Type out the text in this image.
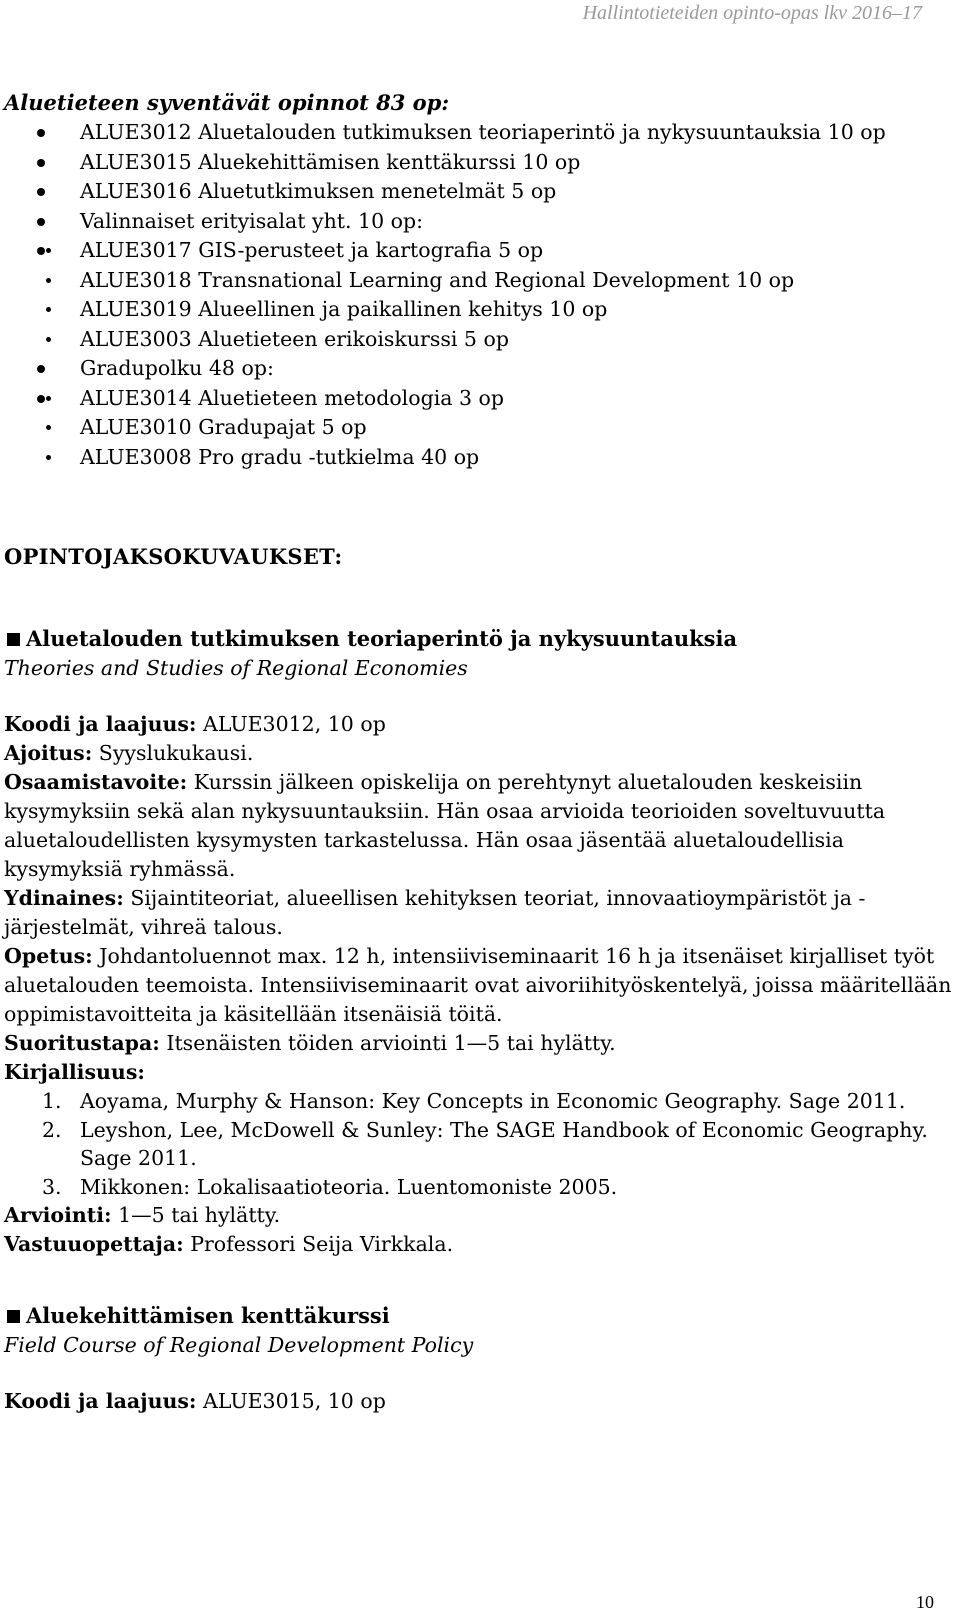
Hallintotieteiden opinto-opas lkv 2016–17
Aluetieteen syventävät opinnot 83 op:
ALUE3012 Aluetalouden tutkimuksen teoriaperintö ja nykysuuntauksia 10 op
ALUE3015 Aluekehittämisen kenttäkurssi 10 op
ALUE3016 Aluetutkimuksen menetelmät 5 op
Valinnaiset erityisalat yht. 10 op:
ALUE3017 GIS-perusteet ja kartografia 5 op
ALUE3018 Transnational Learning and Regional Development 10 op
ALUE3019 Alueellinen ja paikallinen kehitys 10 op
ALUE3003 Aluetieteen erikoiskurssi 5 op
Gradupolku 48 op:
ALUE3014 Aluetieteen metodologia 3 op
ALUE3010 Gradupajat 5 op
ALUE3008 Pro gradu -tutkielma 40 op
OPINTOJAKSOKUVAUKSET:
Aluetalouden tutkimuksen teoriaperintö ja nykysuuntauksia
Theories and Studies of Regional Economies
Koodi ja laajuus: ALUE3012, 10 op
Ajoitus: Syyslukukausi.
Osaamistavoite: Kurssin jälkeen opiskelija on perehtynyt aluetalouden keskeisiin kysymyksiin sekä alan nykysuuntauksiin. Hän osaa arvioida teorioiden soveltuvuutta aluetaloudellisten kysymysten tarkastelussa. Hän osaa jäsentää aluetaloudellisia kysymyksiä ryhmässä.
Ydinaines: Sijaintiteoriat, alueellisen kehityksen teoriat, innovaatioympäristöt ja -järjestelmät, vihreä talous.
Opetus: Johdantoluennot max. 12 h, intensiiviseminaarit 16 h ja itsenäiset kirjalliset työt aluetalouden teemoista. Intensiiviseminaarit ovat aivoriihityöskentelyä, joissa määritellään oppimistavoitteita ja käsitellään itsenäisiä töitä.
Suoritustapa: Itsenäisten töiden arviointi 1—5 tai hylätty.
Kirjallisuus:
1. Aoyama, Murphy & Hanson: Key Concepts in Economic Geography. Sage 2011.
2. Leyshon, Lee, McDowell & Sunley: The SAGE Handbook of Economic Geography. Sage 2011.
3. Mikkonen: Lokalisaatioteoria. Luentomoniste 2005.
Arviointi: 1—5 tai hylätty.
Vastuuopettaja: Professori Seija Virkkala.
Aluekehittämisen kenttäkurssi
Field Course of Regional Development Policy
Koodi ja laajuus: ALUE3015, 10 op
10
